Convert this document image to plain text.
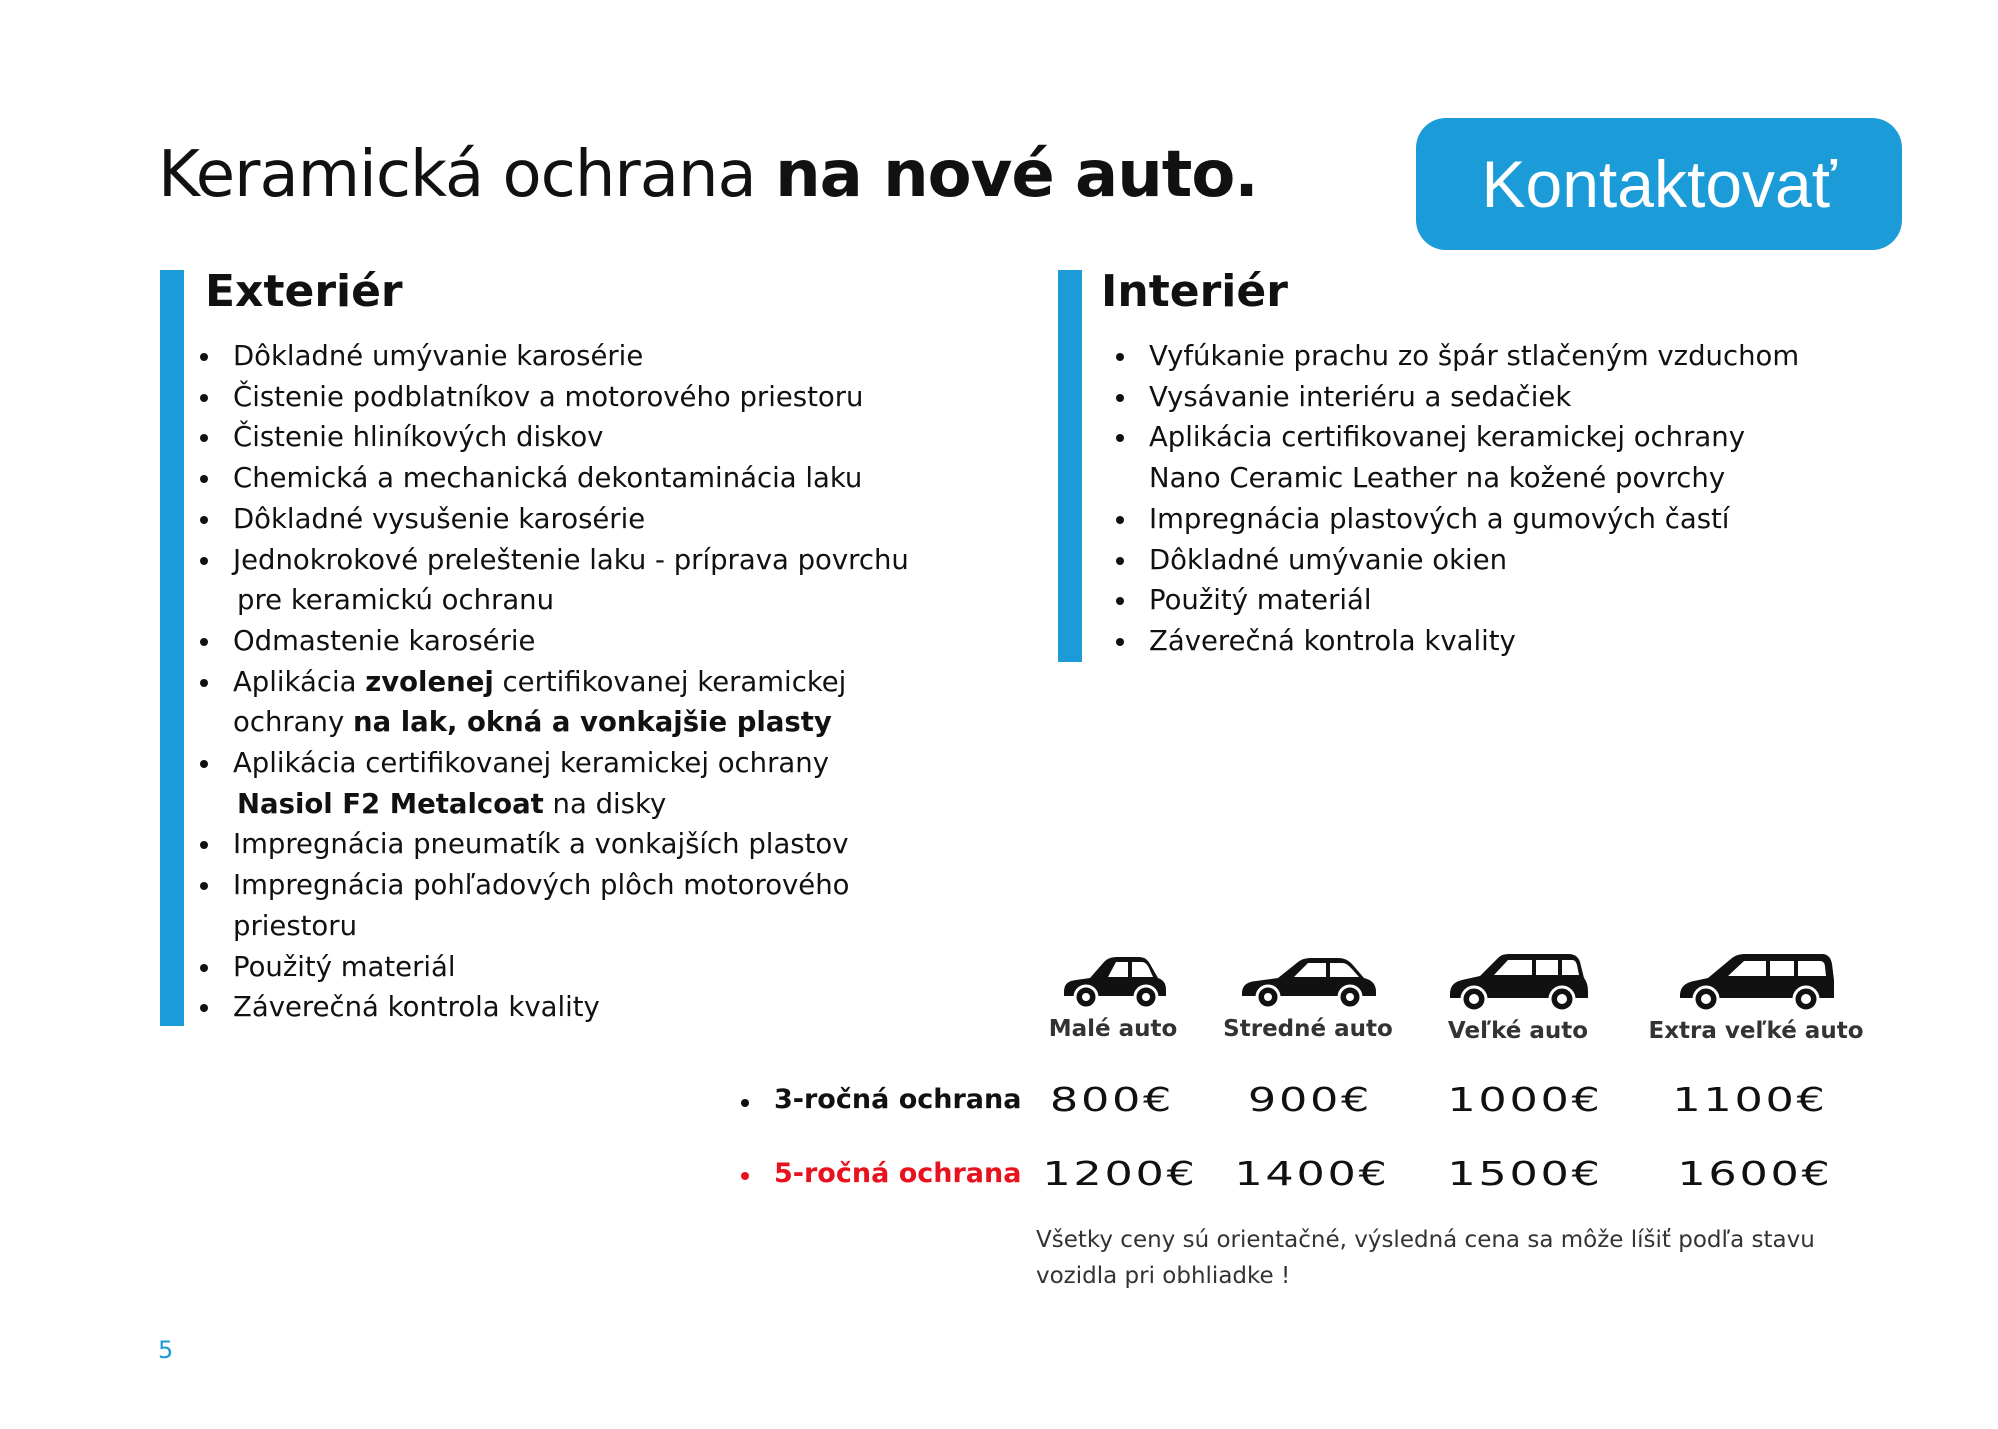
Keramická ochrana na nové auto.	Kontaktovať
Exteriér
Dôkladné umývanie karosérie
Čistenie podblatníkov a motorového priestoru
Čistenie hliníkových diskov
Chemická a mechanická dekontaminácia laku
Dôkladné vysušenie karosérie
Jednokrokové preleštenie laku - príprava povrchu
pre keramickú ochranu
Odmastenie karosérie
Aplikácia zvolenej certifikovanej keramickej
ochrany na lak, okná a vonkajšie plasty
Aplikácia certifikovanej keramickej ochrany
Nasiol F2 Metalcoat na disky
Impregnácia pneumatík a vonkajších plastov
Impregnácia pohľadových plôch motorového
priestoru
Použitý materiál
Záverečná kontrola kvality
Interiér
Vyfúkanie prachu zo špár stlačeným vzduchom
Vysávanie interiéru a sedačiek
Aplikácia certifikovanej keramickej ochrany
Nano Ceramic Leather na kožené povrchy
Impregnácia plastových a gumových častí
Dôkladné umývanie okien
Použitý materiál
Záverečná kontrola kvality
Malé auto	Stredné auto	Veľké auto	Extra veľké auto
3-ročná ochrana 800€	900€	1000€	1100€
5-ročná ochrana 1200€	1400€	1500€	1600€

Všetky ceny sú orientačné, výsledná cena sa môže líšiť podľa stavu
vozidla pri obhliadke !

5
